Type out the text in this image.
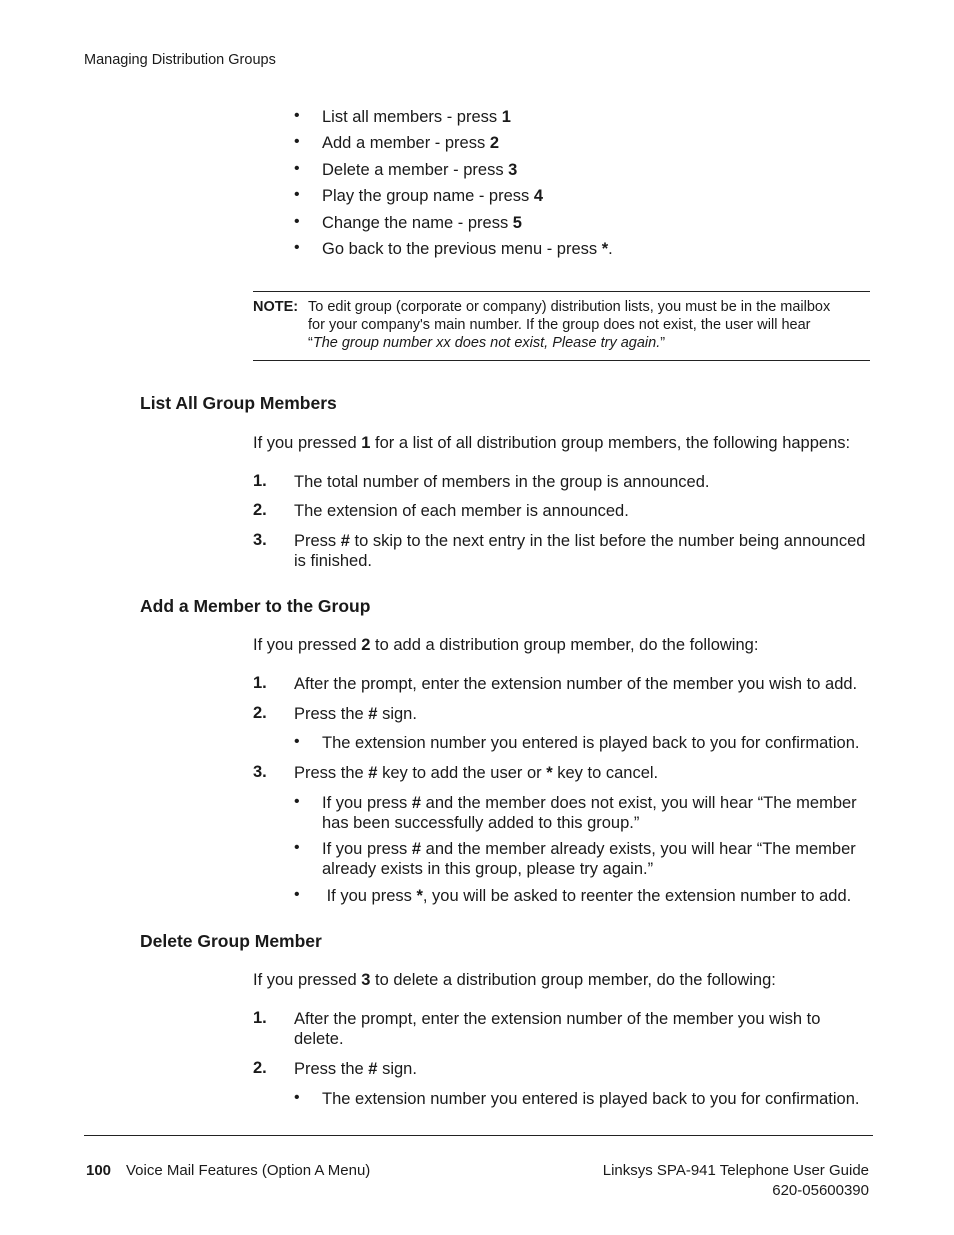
Managing Distribution Groups
• List all members - press 1
• Add a member - press 2
• Delete a member - press 3
• Play the group name - press 4
• Change the name - press 5
• Go back to the previous menu - press *.
NOTE: To edit group (corporate or company) distribution lists, you must be in the mailbox
for your company's main number. If the group does not exist, the user will hear
“The group number xx does not exist, Please try again.”
List All Group Members
If you pressed 1 for a list of all distribution group members, the following happens:
1. The total number of members in the group is announced.
2. The extension of each member is announced.
3. Press # to skip to the next entry in the list before the number being announced is finished.
Add a Member to the Group
If you pressed 2 to add a distribution group member, do the following:
1. After the prompt, enter the extension number of the member you wish to add.
2. Press the # sign.
• The extension number you entered is played back to you for confirmation.
3. Press the # key to add the user or * key to cancel.
• If you press # and the member does not exist, you will hear “The member has been successfully added to this group.”
• If you press # and the member already exists, you will hear “The member already exists in this group, please try again.”
• If you press *, you will be asked to reenter the extension number to add.
Delete Group Member
If you pressed 3 to delete a distribution group member, do the following:
1. After the prompt, enter the extension number of the member you wish to delete.
2. Press the # sign.
• The extension number you entered is played back to you for confirmation.
100 Voice Mail Features (Option A Menu)	Linksys SPA-941 Telephone User Guide
620-05600390
